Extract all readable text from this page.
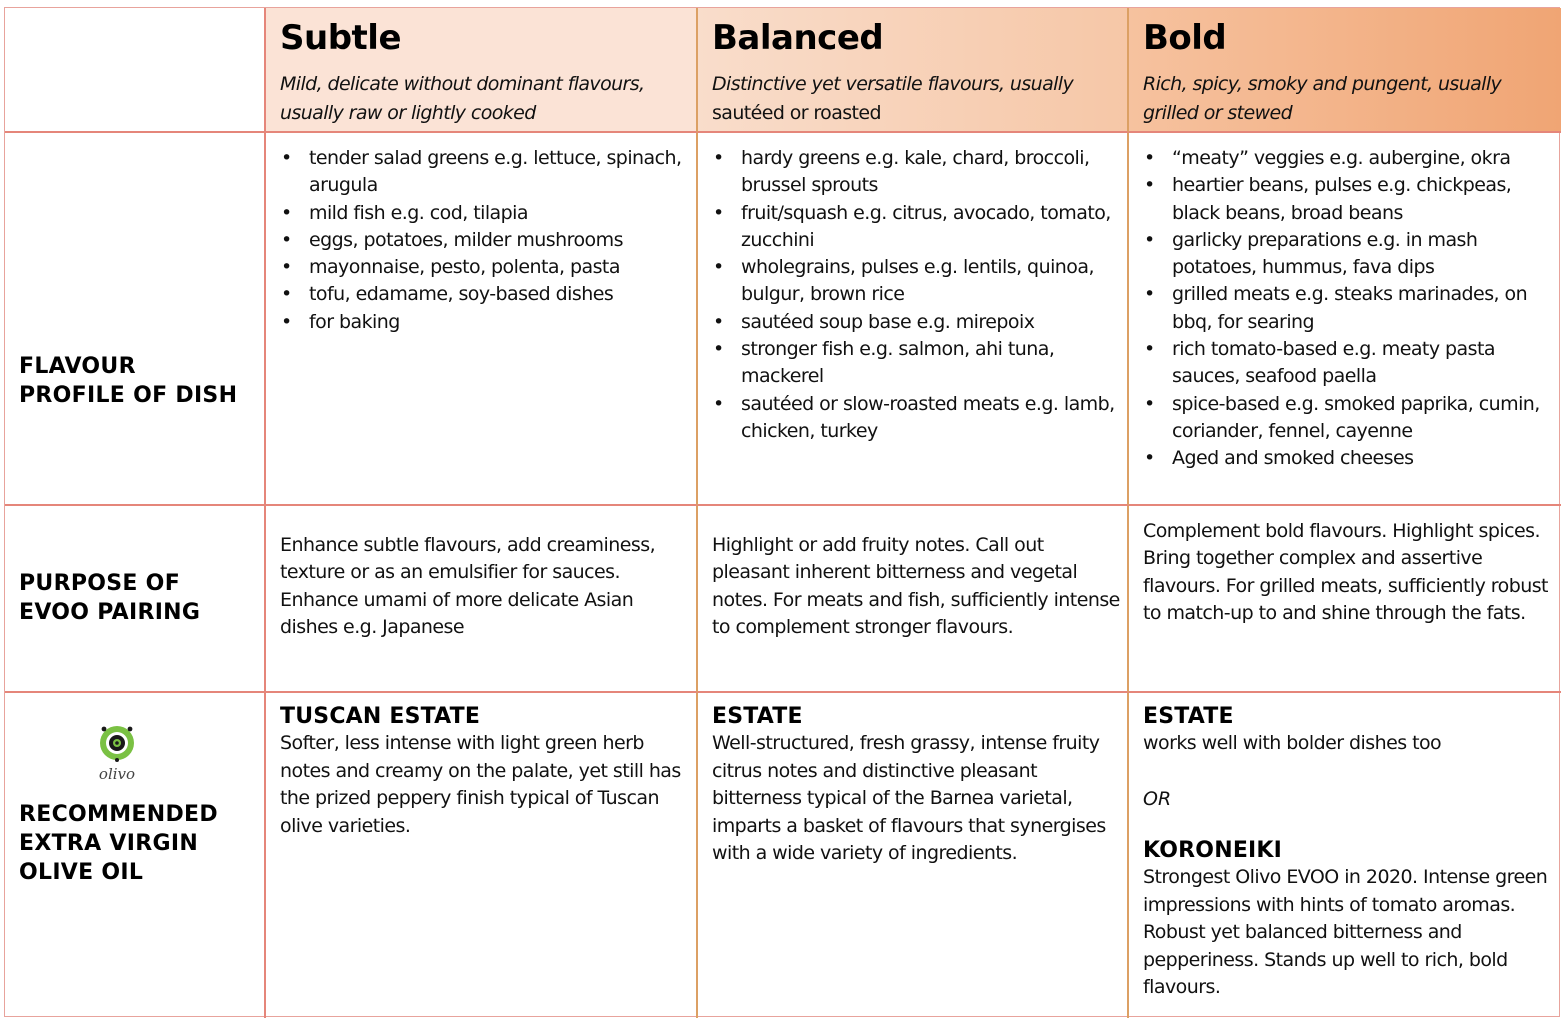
Subtle
Mild, delicate without dominant flavours, usually raw or lightly cooked
Balanced
Distinctive yet versatile flavours, usually
sautéed or roasted
Bold
Rich, spicy, smoky and pungent, usually grilled or stewed
FLAVOUR
PROFILE OF DISH
• tender salad greens e.g. lettuce, spinach, arugula
• mild fish e.g. cod, tilapia
• eggs, potatoes, milder mushrooms
• mayonnaise, pesto, polenta, pasta
• tofu, edamame, soy-based dishes
• for baking
• hardy greens e.g. kale, chard, broccoli, brussel sprouts
• fruit/squash e.g. citrus, avocado, tomato, zucchini
• wholegrains, pulses e.g. lentils, quinoa, bulgur, brown rice
• sautéed soup base e.g. mirepoix
• stronger fish e.g. salmon, ahi tuna, mackerel
• sautéed or slow-roasted meats e.g. lamb, chicken, turkey
• “meaty” veggies e.g. aubergine, okra
• heartier beans, pulses e.g. chickpeas, black beans, broad beans
• garlicky preparations e.g. in mash potatoes, hummus, fava dips
• grilled meats e.g. steaks marinades, on bbq, for searing
• rich tomato-based e.g. meaty pasta sauces, seafood paella
• spice-based e.g. smoked paprika, cumin, coriander, fennel, cayenne
• Aged and smoked cheeses
PURPOSE OF
EVOO PAIRING
Enhance subtle flavours, add creaminess, texture or as an emulsifier for sauces. Enhance umami of more delicate Asian dishes e.g. Japanese
Highlight or add fruity notes. Call out pleasant inherent bitterness and vegetal notes. For meats and fish, sufficiently intense to complement stronger flavours.
Complement bold flavours. Highlight spices. Bring together complex and assertive flavours. For grilled meats, sufficiently robust to match-up to and shine through the fats.
olivo
RECOMMENDED
EXTRA VIRGIN
OLIVE OIL
TUSCAN ESTATE
Softer, less intense with light green herb notes and creamy on the palate, yet still has the prized peppery finish typical of Tuscan olive varieties.
ESTATE
Well-structured, fresh grassy, intense fruity citrus notes and distinctive pleasant bitterness typical of the Barnea varietal, imparts a basket of flavours that synergises with a wide variety of ingredients.
ESTATE
works well with bolder dishes too
OR
KORONEIKI
Strongest Olivo EVOO in 2020. Intense green impressions with hints of tomato aromas. Robust yet balanced bitterness and pepperiness. Stands up well to rich, bold flavours.
